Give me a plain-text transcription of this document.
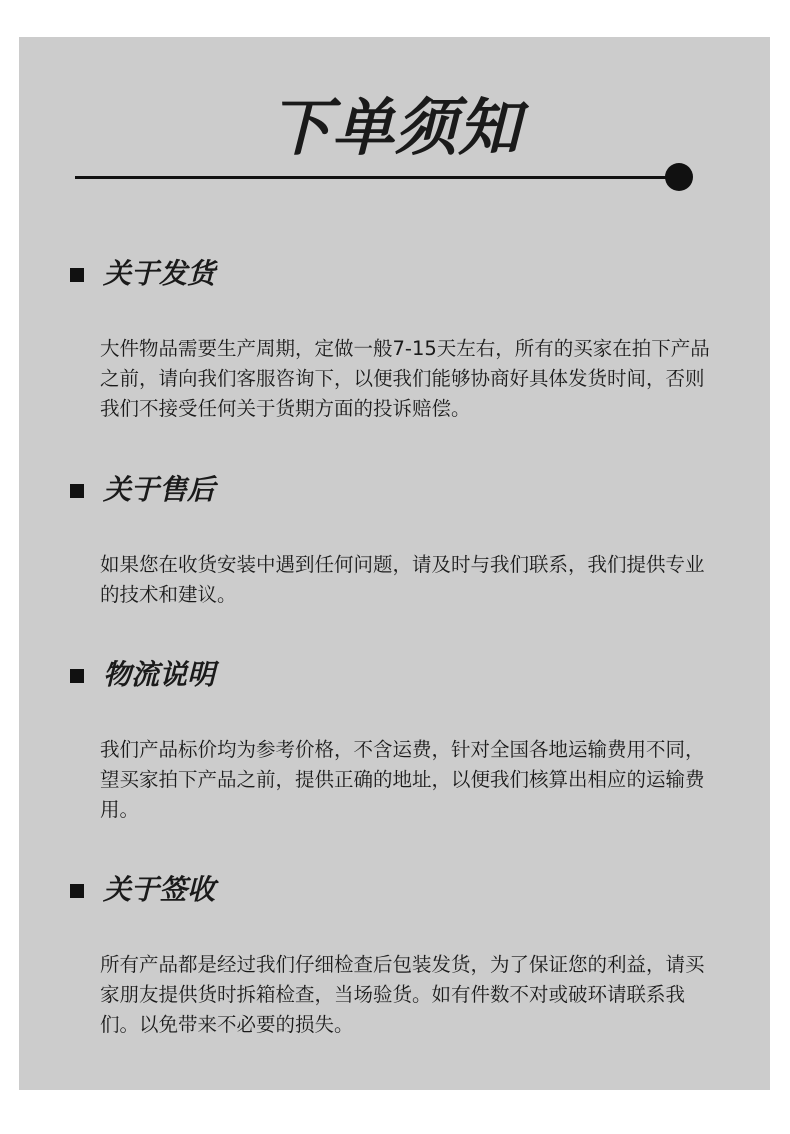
下单须知
关于发货
大件物品需要生产周期，定做一般7-15天左右，所有的买家在拍下产品之前，请向我们客服咨询下，以便我们能够协商好具体发货时间，否则我们不接受任何关于货期方面的投诉赔偿。
关于售后
如果您在收货安装中遇到任何问题，请及时与我们联系，我们提供专业的技术和建议。
物流说明
我们产品标价均为参考价格，不含运费，针对全国各地运输费用不同，望买家拍下产品之前，提供正确的地址，以便我们核算出相应的运输费用。
关于签收
所有产品都是经过我们仔细检查后包装发货，为了保证您的利益，请买家朋友提供货时拆箱检查，当场验货。如有件数不对或破环请联系我们。以免带来不必要的损失。
